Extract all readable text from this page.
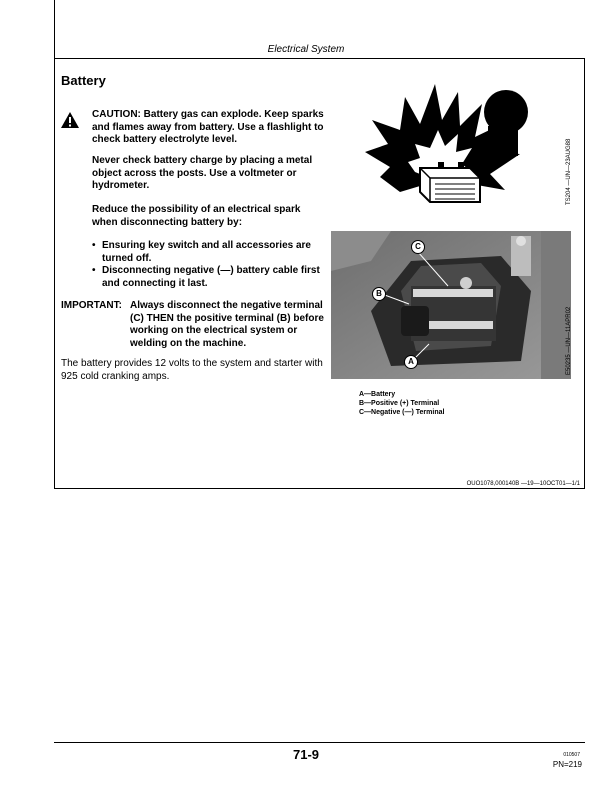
Electrical System
Battery
CAUTION: Battery gas can explode. Keep sparks and flames away from battery. Use a flashlight to check battery electrolyte level.
Never check battery charge by placing a metal object across the posts. Use a voltmeter or hydrometer.
Reduce the possibility of an electrical spark when disconnecting battery by:
• Ensuring key switch and all accessories are turned off.
• Disconnecting negative (—) battery cable first and connecting it last.
IMPORTANT: Always disconnect the negative terminal (C) THEN the positive terminal (B) before working on the electrical system or welding on the machine.
The battery provides 12 volts to the system and starter with 925 cold cranking amps.
TS204 —UN—23AUG88
C
B
A	E50235 —UN—11APR02
A—Battery
B—Positive (+) Terminal
C—Negative (—) Terminal
OUO1078,000140B —19—10OCT01—1/1
71-9	010507
PN=219
